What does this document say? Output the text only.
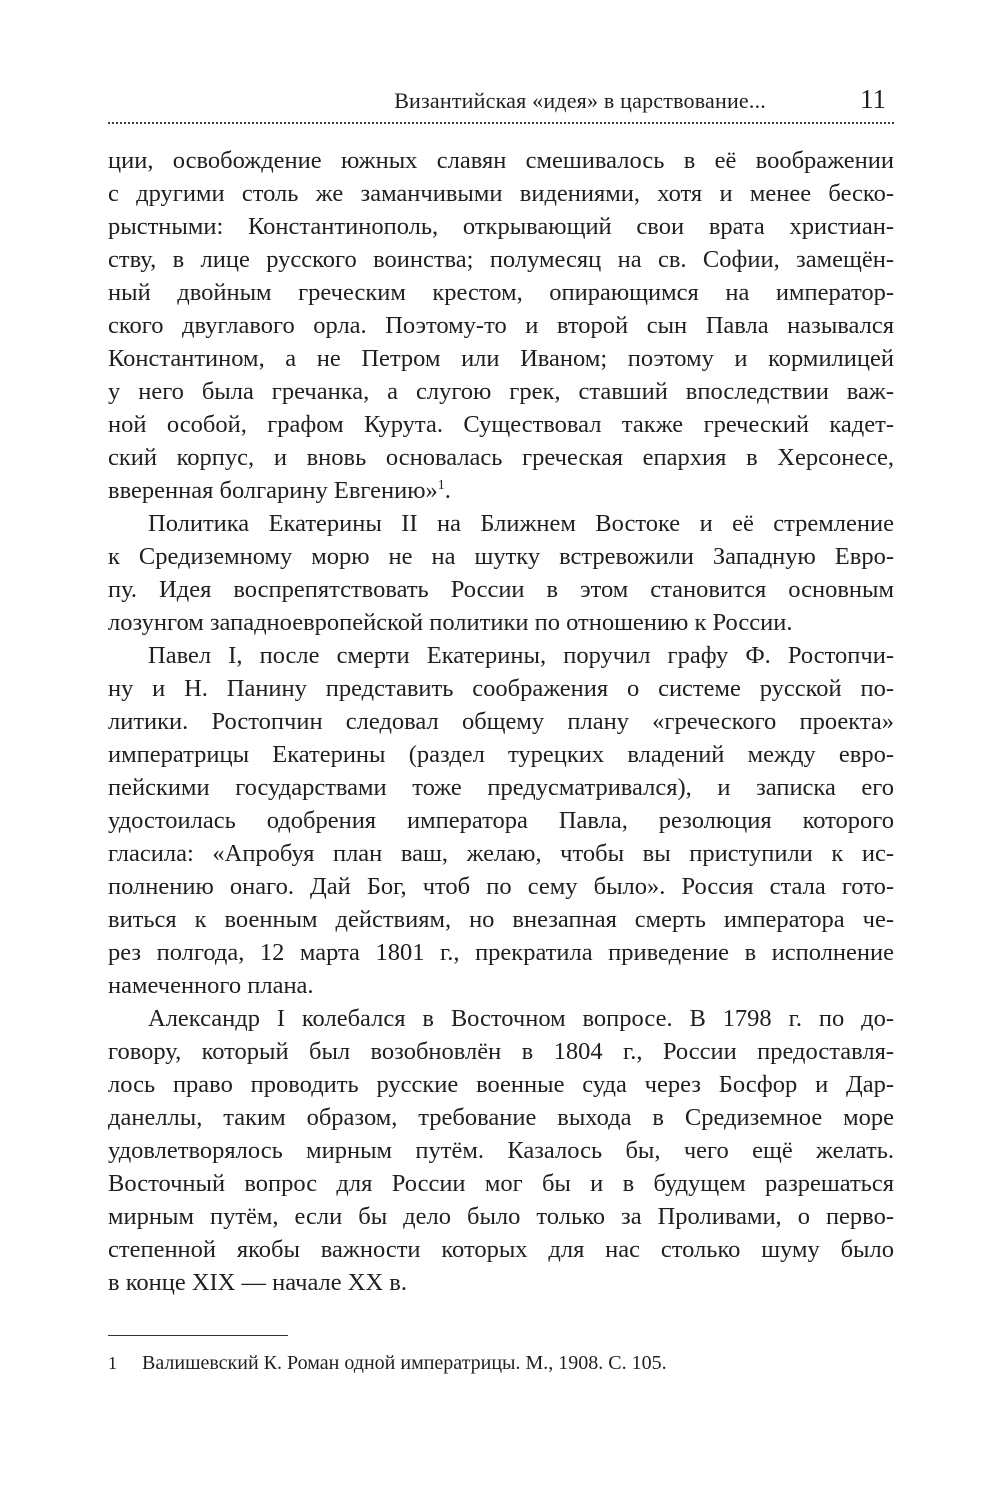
Византийская «идея» в царствование...	11
ции, освобождение южных славян смешивалось в её воображении
с другими столь же заманчивыми видениями, хотя и менее беско-
рыстными: Константинополь, открывающий свои врата христиан-
ству, в лице русского воинства; полумесяц на св. Софии, замещён-
ный двойным греческим крестом, опирающимся на император-
ского двуглавого орла. Поэтому-то и второй сын Павла назывался
Константином, а не Петром или Иваном; поэтому и кормилицей
у него была гречанка, а слугою грек, ставший впоследствии важ-
ной особой, графом Курута. Существовал также греческий кадет-
ский корпус, и вновь основалась греческая епархия в Херсонесе,
вверенная болгарину Евгению»$^1$.
Политика Екатерины II на Ближнем Востоке и её стремление
к Средиземному морю не на шутку встревожили Западную Евро-
пу. Идея воспрепятствовать России в этом становится основным
лозунгом западноевропейской политики по отношению к России.
Павел I, после смерти Екатерины, поручил графу Ф. Ростопчи-
ну и Н. Панину представить соображения о системе русской по-
литики. Ростопчин следовал общему плану «греческого проекта»
императрицы Екатерины (раздел турецких владений между евро-
пейскими государствами тоже предусматривался), и записка его
удостоилась одобрения императора Павла, резолюция которого
гласила: «Апробуя план ваш, желаю, чтобы вы приступили к ис-
полнению онаго. Дай Бог, чтоб по сему было». Россия стала гото-
виться к военным действиям, но внезапная смерть императора че-
рез полгода, 12 марта 1801 г., прекратила приведение в исполнение
намеченного плана.
Александр I колебался в Восточном вопросе. В 1798 г. по до-
говору, который был возобновлён в 1804 г., России предоставля-
лось право проводить русские военные суда через Босфор и Дар-
данеллы, таким образом, требование выхода в Средиземное море
удовлетворялось мирным путём. Казалось бы, чего ещё желать.
Восточный вопрос для России мог бы и в будущем разрешаться
мирным путём, если бы дело было только за Проливами, о перво-
степенной якобы важности которых для нас столько шуму было
в конце XIX — начале XX в.
1 Валишевский К. Роман одной императрицы. М., 1908. С. 105.
